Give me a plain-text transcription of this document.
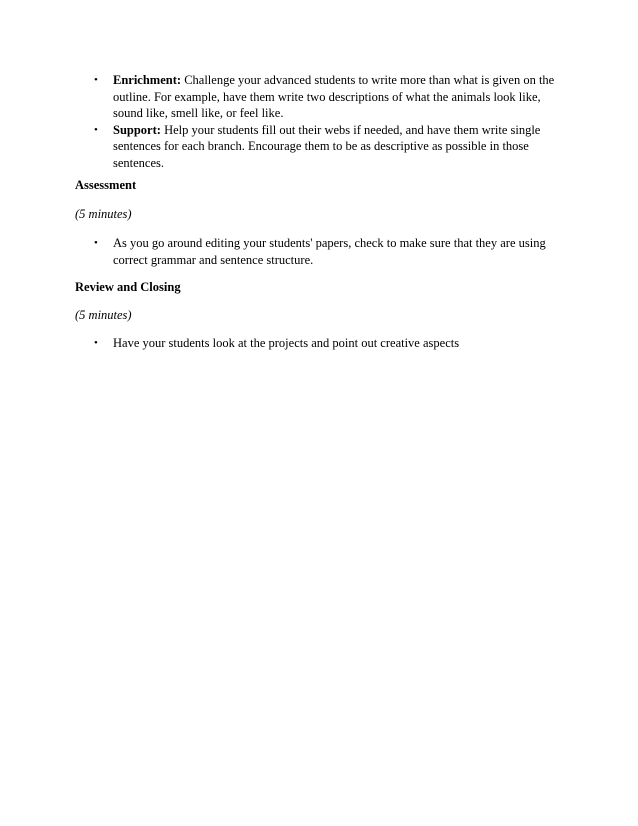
• Enrichment: Challenge your advanced students to write more than what is given on the outline. For example, have them write two descriptions of what the animals look like, sound like, smell like, or feel like.
• Support: Help your students fill out their webs if needed, and have them write single sentences for each branch. Encourage them to be as descriptive as possible in those sentences.
Assessment
(5 minutes)
• As you go around editing your students' papers, check to make sure that they are using correct grammar and sentence structure.
Review and Closing
(5 minutes)
• Have your students look at the projects and point out creative aspects
